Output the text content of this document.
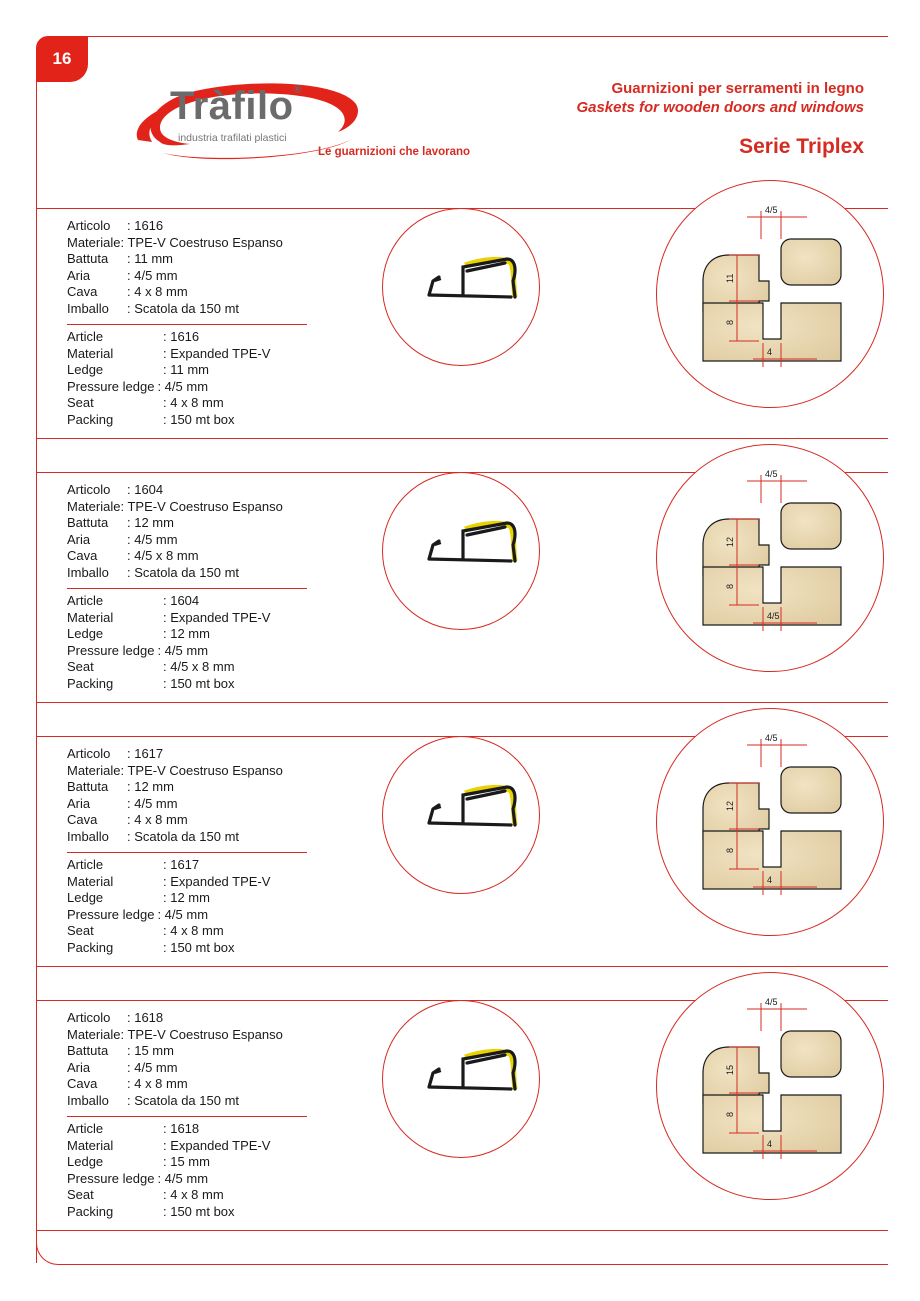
16
Tràfilo®
industria trafilati plastici
Le guarnizioni che lavorano
Guarnizioni per serramenti in legno
Gaskets for wooden doors and windows
Serie Triplex
Articolo	: 1616
Materiale : TPE-V Coestruso Espanso
Battuta	: 11 mm
Aria	: 4/5 mm
Cava	: 4 x 8 mm
Imballo	: Scatola da 150 mt
Article	: 1616
Material	: Expanded TPE-V
Ledge	: 11 mm
Pressure ledge : 4/5 mm
Seat	: 4 x 8 mm
Packing	: 150 mt box
4/5
11
8
4
Articolo	: 1604
Materiale : TPE-V Coestruso Espanso
Battuta	: 12 mm
Aria	: 4/5 mm
Cava	: 4/5 x 8 mm
Imballo	: Scatola da 150 mt
Article	: 1604
Material	: Expanded TPE-V
Ledge	: 12 mm
Pressure ledge : 4/5 mm
Seat	: 4/5 x 8 mm
Packing	: 150 mt box
4/5
12
8
4/5
Articolo	: 1617
Materiale : TPE-V Coestruso Espanso
Battuta	: 12 mm
Aria	: 4/5 mm
Cava	: 4 x 8 mm
Imballo	: Scatola da 150 mt
Article	: 1617
Material	: Expanded TPE-V
Ledge	: 12 mm
Pressure ledge : 4/5 mm
Seat	: 4 x 8 mm
Packing	: 150 mt box
4/5
12
8
4
Articolo	: 1618
Materiale : TPE-V Coestruso Espanso
Battuta	: 15 mm
Aria	: 4/5 mm
Cava	: 4 x 8 mm
Imballo	: Scatola da 150 mt
Article	: 1618
Material	: Expanded TPE-V
Ledge	: 15 mm
Pressure ledge : 4/5 mm
Seat	: 4 x 8 mm
Packing	: 150 mt box
4/5
15
8
4
